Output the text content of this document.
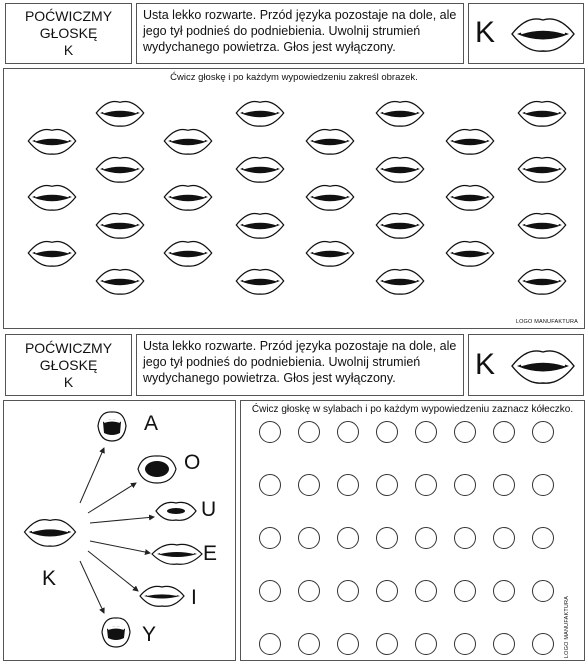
POĆWICZMY
GŁOSKĘ
K
Usta lekko rozwarte. Przód języka pozostaje na dole, ale jego tył podnieś do podniebienia. Uwolnij strumień wydychanego powietrza. Głos jest wyłączony.	K
Ćwicz głoskę i po każdym wypowiedzeniu zakreśl obrazek.
LOGO MANUFAKTURA
POĆWICZMY
GŁOSKĘ
K
Usta lekko rozwarte. Przód języka pozostaje na dole, ale jego tył podnieś do podniebienia. Uwolnij strumień wydychanego powietrza. Głos jest wyłączony.	K
K
A
O
U
E
I
Y
Ćwicz głoskę w sylabach i po każdym wypowiedzeniu zaznacz kółeczko.
LOGO MANUFAKTURA
